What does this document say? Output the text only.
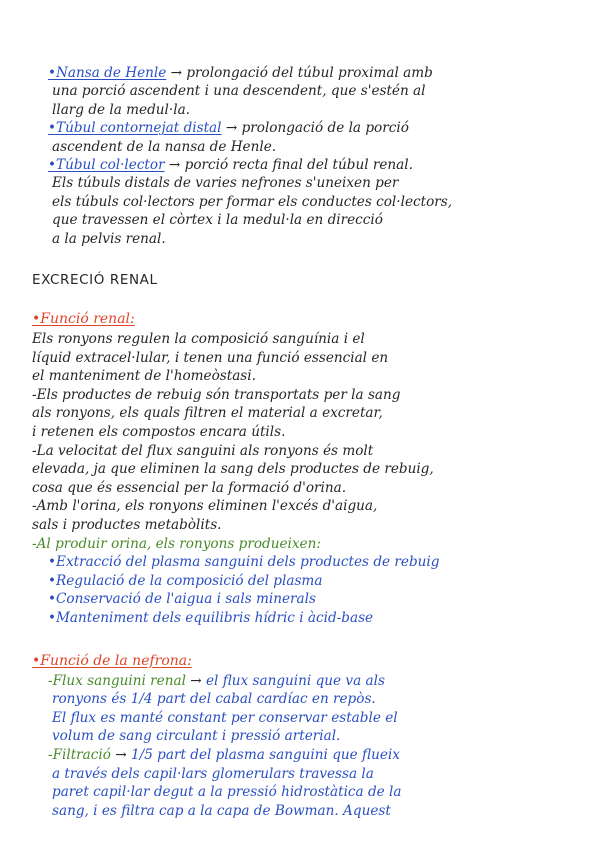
•Nansa de Henle → prolongació del túbul proximal amb
una porció ascendent i una descendent, que s'estén al
llarg de la medul·la.
•Túbul contornejat distal → prolongació de la porció
ascendent de la nansa de Henle.
•Túbul col·lector → porció recta final del túbul renal.
Els túbuls distals de varies nefrones s'uneixen per
els túbuls col·lectors per formar els conductes col·lectors,
que travessen el còrtex i la medul·la en direcció
a la pelvis renal.
EXCRECIÓ RENAL
•Funció renal:
Els ronyons regulen la composició sanguínia i el
líquid extracel·lular, i tenen una funció essencial en
el manteniment de l'homeòstasi.
-Els productes de rebuig són transportats per la sang
als ronyons, els quals filtren el material a excretar,
i retenen els compostos encara útils.
-La velocitat del flux sanguini als ronyons és molt
elevada, ja que eliminen la sang dels productes de rebuig,
cosa que és essencial per la formació d'orina.
-Amb l'orina, els ronyons eliminen l'excés d'aigua,
sals i productes metabòlits.
-Al produir orina, els ronyons produeixen:
•Extracció del plasma sanguini dels productes de rebuig
•Regulació de la composició del plasma
•Conservació de l'aigua i sals minerals
•Manteniment dels equilibris hídric i àcid-base
•Funció de la nefrona:
-Flux sanguini renal → el flux sanguini que va als
ronyons és 1/4 part del cabal cardíac en repòs.
El flux es manté constant per conservar estable el
volum de sang circulant i pressió arterial.
-Filtració → 1/5 part del plasma sanguini que flueix
a través dels capil·lars glomerulars travessa la
paret capil·lar degut a la pressió hidrostàtica de la
sang, i es filtra cap a la capa de Bowman. Aquest
